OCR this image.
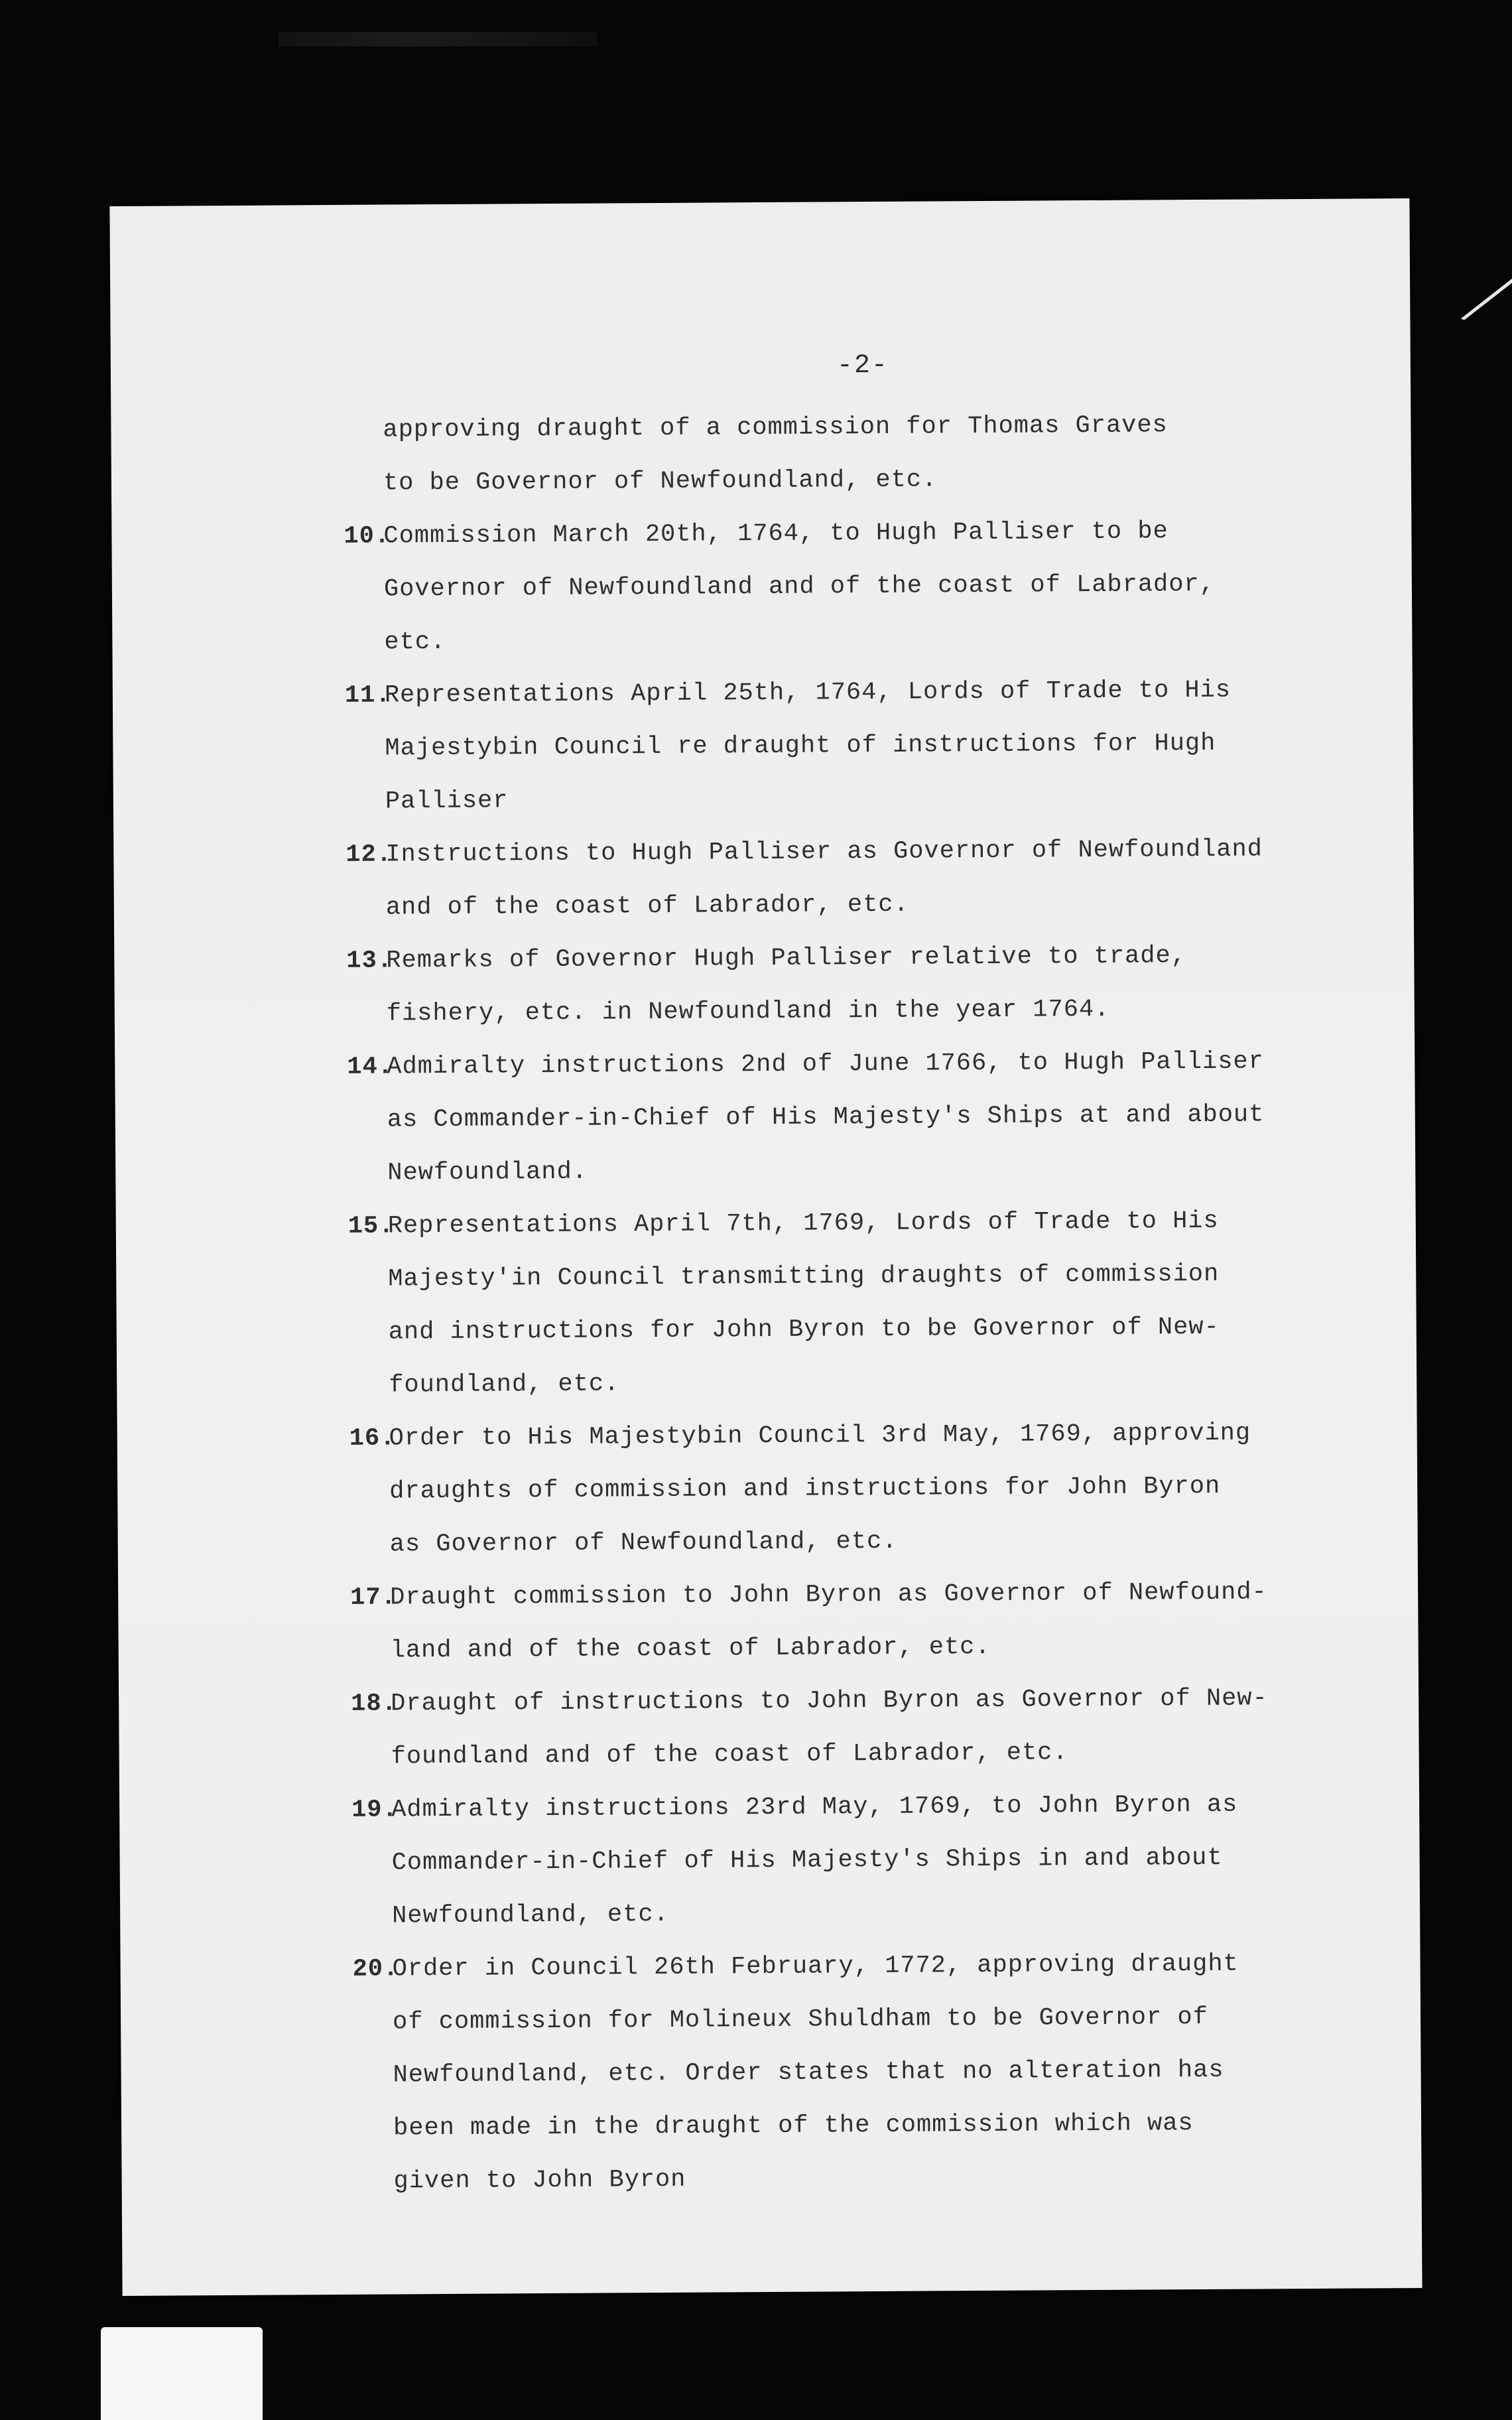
-2-
approving draught of a commission for Thomas Graves
to be Governor of Newfoundland, etc.
10.
Commission March 20th, 1764, to Hugh Palliser to be
Governor of Newfoundland and of the coast of Labrador,
etc.
11.
Representations April 25th, 1764, Lords of Trade to His
Majestybin Council re draught of instructions for Hugh
Palliser
12.
Instructions to Hugh Palliser as Governor of Newfoundland
and of the coast of Labrador, etc.
13.
Remarks of Governor Hugh Palliser relative to trade,
fishery, etc. in Newfoundland in the year 1764.
14.
Admiralty instructions 2nd of June 1766, to Hugh Palliser
as Commander-in-Chief of His Majesty's Ships at and about
Newfoundland.
15.
Representations April 7th, 1769, Lords of Trade to His
Majesty'in Council transmitting draughts of commission
and instructions for John Byron to be Governor of New-
foundland, etc.
16.
Order to His Majestybin Council 3rd May, 1769, approving
draughts of commission and instructions for John Byron
as Governor of Newfoundland, etc.
17.
Draught commission to John Byron as Governor of Newfound-
land and of the coast of Labrador, etc.
18.
Draught of instructions to John Byron as Governor of New-
foundland and of the coast of Labrador, etc.
19.
Admiralty instructions 23rd May, 1769, to John Byron as
Commander-in-Chief of His Majesty's Ships in and about
Newfoundland, etc.
20.
Order in Council 26th February, 1772, approving draught
of commission for Molineux Shuldham to be Governor of
Newfoundland, etc. Order states that no alteration has
been made in the draught of the commission which was
given to John Byron
